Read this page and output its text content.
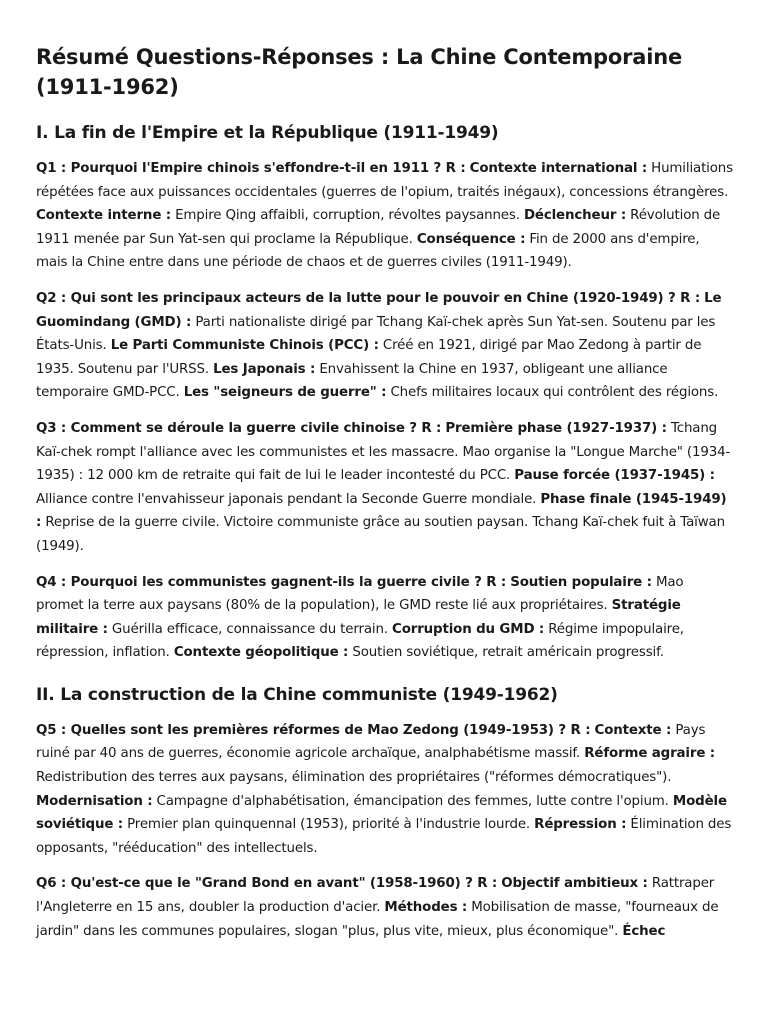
Résumé Questions-Réponses : La Chine Contemporaine (1911-1962)
I. La fin de l'Empire et la République (1911-1949)

Q1 : Pourquoi l'Empire chinois s'effondre-t-il en 1911 ? R : Contexte international : Humiliations répétées face aux puissances occidentales (guerres de l'opium, traités inégaux), concessions étrangères. Contexte interne : Empire Qing affaibli, corruption, révoltes paysannes. Déclencheur : Révolution de 1911 menée par Sun Yat-sen qui proclame la République. Conséquence : Fin de 2000 ans d'empire, mais la Chine entre dans une période de chaos et de guerres civiles (1911-1949).

Q2 : Qui sont les principaux acteurs de la lutte pour le pouvoir en Chine (1920-1949) ? R : Le Guomindang (GMD) : Parti nationaliste dirigé par Tchang Kaï-chek après Sun Yat-sen. Soutenu par les États-Unis. Le Parti Communiste Chinois (PCC) : Créé en 1921, dirigé par Mao Zedong à partir de 1935. Soutenu par l'URSS. Les Japonais : Envahissent la Chine en 1937, obligeant une alliance temporaire GMD-PCC. Les "seigneurs de guerre" : Chefs militaires locaux qui contrôlent des régions.

Q3 : Comment se déroule la guerre civile chinoise ? R : Première phase (1927-1937) : Tchang Kaï-chek rompt l'alliance avec les communistes et les massacre. Mao organise la "Longue Marche" (1934-1935) : 12 000 km de retraite qui fait de lui le leader incontesté du PCC. Pause forcée (1937-1945) : Alliance contre l'envahisseur japonais pendant la Seconde Guerre mondiale. Phase finale (1945-1949) : Reprise de la guerre civile. Victoire communiste grâce au soutien paysan. Tchang Kaï-chek fuit à Taïwan (1949).

Q4 : Pourquoi les communistes gagnent-ils la guerre civile ? R : Soutien populaire : Mao promet la terre aux paysans (80% de la population), le GMD reste lié aux propriétaires. Stratégie militaire : Guérilla efficace, connaissance du terrain. Corruption du GMD : Régime impopulaire, répression, inflation. Contexte géopolitique : Soutien soviétique, retrait américain progressif.

II. La construction de la Chine communiste (1949-1962)

Q5 : Quelles sont les premières réformes de Mao Zedong (1949-1953) ? R : Contexte : Pays ruiné par 40 ans de guerres, économie agricole archaïque, analphabétisme massif. Réforme agraire : Redistribution des terres aux paysans, élimination des propriétaires ("réformes démocratiques"). Modernisation : Campagne d'alphabétisation, émancipation des femmes, lutte contre l'opium. Modèle soviétique : Premier plan quinquennal (1953), priorité à l'industrie lourde. Répression : Élimination des opposants, "rééducation" des intellectuels.

Q6 : Qu'est-ce que le "Grand Bond en avant" (1958-1960) ? R : Objectif ambitieux : Rattraper l'Angleterre en 15 ans, doubler la production d'acier. Méthodes : Mobilisation de masse, "fourneaux de jardin" dans les communes populaires, slogan "plus, plus vite, mieux, plus économique". Échec
